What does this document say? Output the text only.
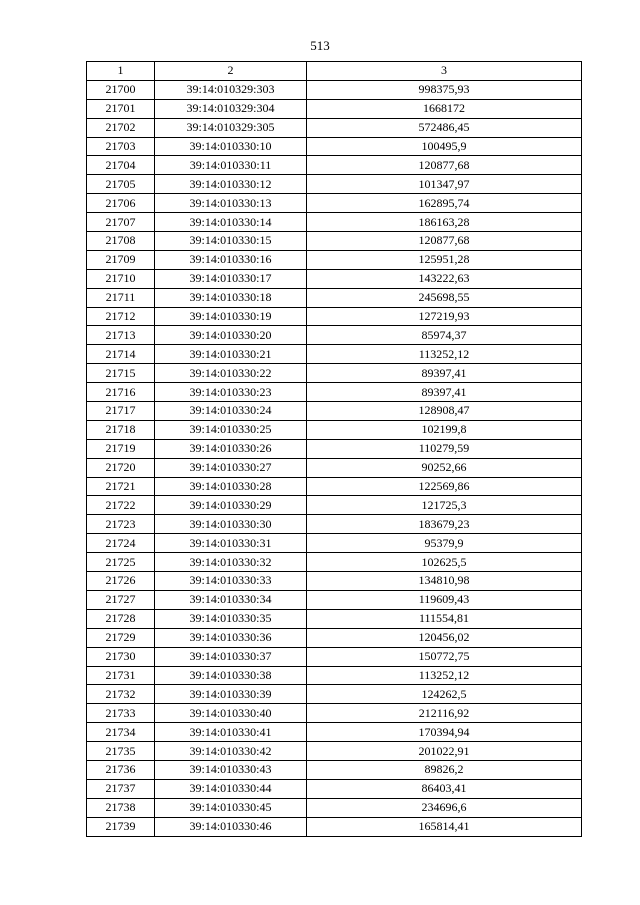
513
1	2	3
21700	39:14:010329:303	998375,93
21701	39:14:010329:304	1668172
21702	39:14:010329:305	572486,45
21703	39:14:010330:10	100495,9
21704	39:14:010330:11	120877,68
21705	39:14:010330:12	101347,97
21706	39:14:010330:13	162895,74
21707	39:14:010330:14	186163,28
21708	39:14:010330:15	120877,68
21709	39:14:010330:16	125951,28
21710	39:14:010330:17	143222,63
21711	39:14:010330:18	245698,55
21712	39:14:010330:19	127219,93
21713	39:14:010330:20	85974,37
21714	39:14:010330:21	113252,12
21715	39:14:010330:22	89397,41
21716	39:14:010330:23	89397,41
21717	39:14:010330:24	128908,47
21718	39:14:010330:25	102199,8
21719	39:14:010330:26	110279,59
21720	39:14:010330:27	90252,66
21721	39:14:010330:28	122569,86
21722	39:14:010330:29	121725,3
21723	39:14:010330:30	183679,23
21724	39:14:010330:31	95379,9
21725	39:14:010330:32	102625,5
21726	39:14:010330:33	134810,98
21727	39:14:010330:34	119609,43
21728	39:14:010330:35	111554,81
21729	39:14:010330:36	120456,02
21730	39:14:010330:37	150772,75
21731	39:14:010330:38	113252,12
21732	39:14:010330:39	124262,5
21733	39:14:010330:40	212116,92
21734	39:14:010330:41	170394,94
21735	39:14:010330:42	201022,91
21736	39:14:010330:43	89826,2
21737	39:14:010330:44	86403,41
21738	39:14:010330:45	234696,6
21739	39:14:010330:46	165814,41
